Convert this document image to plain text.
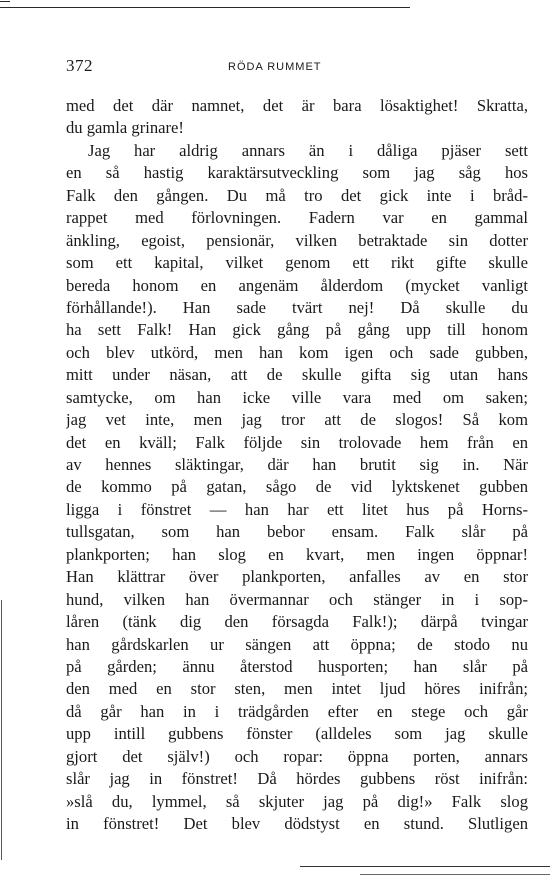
372	RÖDA RUMMET
med det där namnet, det är bara lösaktighet! Skratta,
du gamla grinare!
Jag har aldrig annars än i dåliga pjäser sett
en så hastig karaktärsutveckling som jag såg hos
Falk den gången. Du må tro det gick inte i bråd-
rappet med förlovningen. Fadern var en gammal
änkling, egoist, pensionär, vilken betraktade sin dotter
som ett kapital, vilket genom ett rikt gifte skulle
bereda honom en angenäm ålderdom (mycket vanligt
förhållande!). Han sade tvärt nej! Då skulle du
ha sett Falk! Han gick gång på gång upp till honom
och blev utkörd, men han kom igen och sade gubben,
mitt under näsan, att de skulle gifta sig utan hans
samtycke, om han icke ville vara med om saken;
jag vet inte, men jag tror att de slogos! Så kom
det en kväll; Falk följde sin trolovade hem från en
av hennes släktingar, där han brutit sig in. När
de kommo på gatan, sågo de vid lyktskenet gubben
ligga i fönstret — han har ett litet hus på Horns-
tullsgatan, som han bebor ensam. Falk slår på
plankporten; han slog en kvart, men ingen öppnar!
Han klättrar över plankporten, anfalles av en stor
hund, vilken han övermannar och stänger in i sop-
låren (tänk dig den försagda Falk!); därpå tvingar
han gårdskarlen ur sängen att öppna; de stodo nu
på gården; ännu återstod husporten; han slår på
den med en stor sten, men intet ljud höres inifrån;
då går han in i trädgården efter en stege och går
upp intill gubbens fönster (alldeles som jag skulle
gjort det själv!) och ropar: öppna porten, annars
slår jag in fönstret! Då hördes gubbens röst inifrån:
»slå du, lymmel, så skjuter jag på dig!» Falk slog
in fönstret! Det blev dödstyst en stund. Slutligen
